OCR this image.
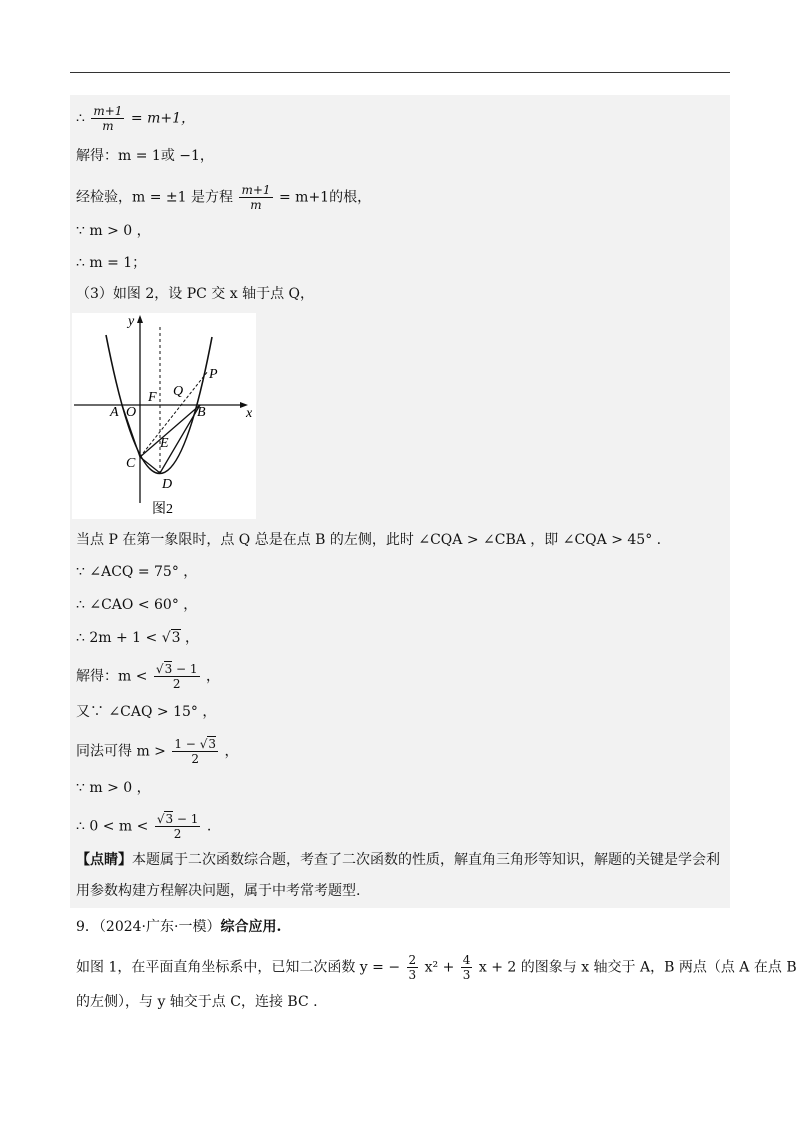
∴ $\frac{m+1}{m} = m+1$，
解得：m = 1或 −1，
经检验，m = ±1 是方程 $\frac{m+1}{m} = m+1$的根，
∵ m > 0 ，
∴ m = 1；
（3）如图 2，设 PC 交 x 轴于点 Q，
y
x
A O
F Q
B
P
E
C
D
图2
当点 P 在第一象限时，点 Q 总是在点 B 的左侧，此时 ∠CQA > ∠CBA ，即 ∠CQA > 45° .
∵ ∠ACQ = 75° ，
∴ ∠CAO < 60° ，
∴ 2m + 1 < √3 ，
解得：$m < \frac{√3 - 1}{2}$ ，
又∵ ∠CAQ > 15° ，
同法可得 $m > \frac{1 - √3}{2}$ ，
∵ m > 0 ，
∴ $0 < m < \frac{√3 - 1}{2}$ .
【点睛】本题属于二次函数综合题，考查了二次函数的性质，解直角三角形等知识，解题的关键是学会利
用参数构建方程解决问题，属于中考常考题型.
9．（2024·广东·一模）综合应用.
如图 1，在平面直角坐标系中，已知二次函数 y = − $\frac{2}{3} x^2 + \frac{4}{3}$ x + 2 的图象与 x 轴交于 A，B 两点（点 A 在点 B
的左侧），与 y 轴交于点 C，连接 BC .
